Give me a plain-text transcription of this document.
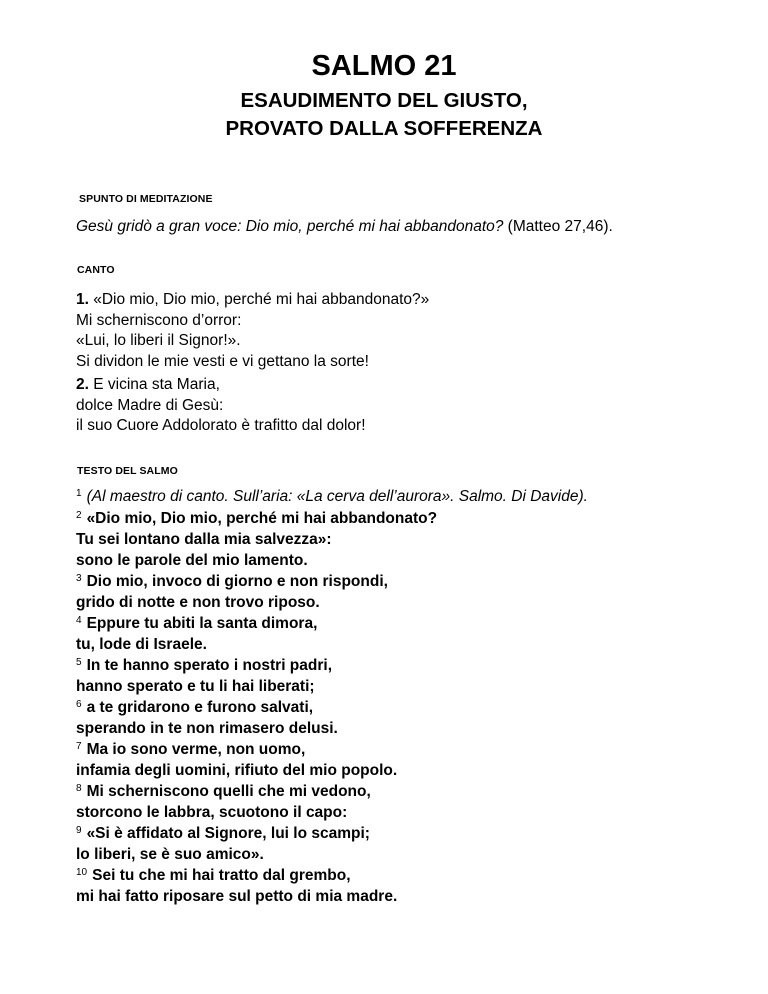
SALMO 21
ESAUDIMENTO DEL GIUSTO,
PROVATO DALLA SOFFERENZA
SPUNTO DI MEDITAZIONE
Gesù gridò a gran voce: Dio mio, perché mi hai abbandonato? (Matteo 27,46).
CANTO
1. «Dio mio, Dio mio, perché mi hai abbandonato?»
Mi scherniscono d’orror:
«Lui, lo liberi il Signor!».
Si dividon le mie vesti e vi gettano la sorte!
2. E vicina sta Maria,
dolce Madre di Gesù:
il suo Cuore Addolorato è trafitto dal dolor!
TESTO DEL SALMO
$^1$ (Al maestro di canto. Sull’aria: «La cerva dell’aurora». Salmo. Di Davide).
$^2$ «Dio mio, Dio mio, perché mi hai abbandonato?
Tu sei lontano dalla mia salvezza»:
sono le parole del mio lamento.
$^3$ Dio mio, invoco di giorno e non rispondi,
grido di notte e non trovo riposo.
$^4$ Eppure tu abiti la santa dimora,
tu, lode di Israele.
$^5$ In te hanno sperato i nostri padri,
hanno sperato e tu li hai liberati;
$^6$ a te gridarono e furono salvati,
sperando in te non rimasero delusi.
$^7$ Ma io sono verme, non uomo,
infamia degli uomini, rifiuto del mio popolo.
$^8$ Mi scherniscono quelli che mi vedono,
storcono le labbra, scuotono il capo:
$^9$ «Si è affidato al Signore, lui lo scampi;
lo liberi, se è suo amico».
$^{10}$ Sei tu che mi hai tratto dal grembo,
mi hai fatto riposare sul petto di mia madre.
